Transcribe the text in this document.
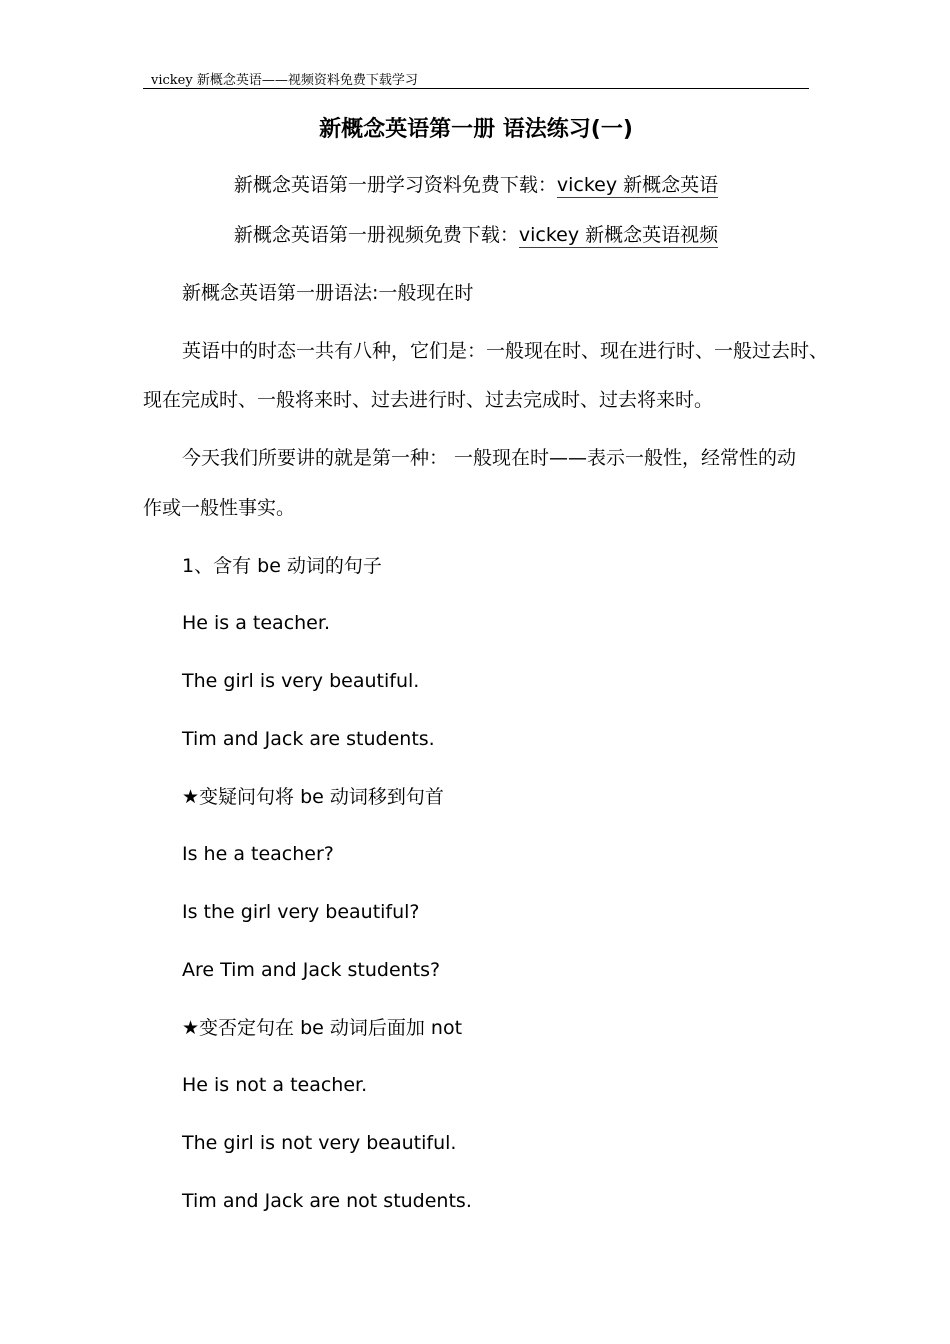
vickey 新概念英语——视频资料免费下载学习
新概念英语第一册 语法练习(一)
新概念英语第一册学习资料免费下载：vickey 新概念英语
新概念英语第一册视频免费下载：vickey 新概念英语视频
新概念英语第一册语法:一般现在时
英语中的时态一共有八种，它们是：一般现在时、现在进行时、一般过去时、
现在完成时、一般将来时、过去进行时、过去完成时、过去将来时。
今天我们所要讲的就是第一种： 一般现在时——表示一般性，经常性的动
作或一般性事实。
1、含有 be 动词的句子
He is a teacher.
The girl is very beautiful.
Tim and Jack are students.
★变疑问句将 be 动词移到句首
Is he a teacher?
Is the girl very beautiful?
Are Tim and Jack students?
★变否定句在 be 动词后面加 not
He is not a teacher.
The girl is not very beautiful.
Tim and Jack are not students.
